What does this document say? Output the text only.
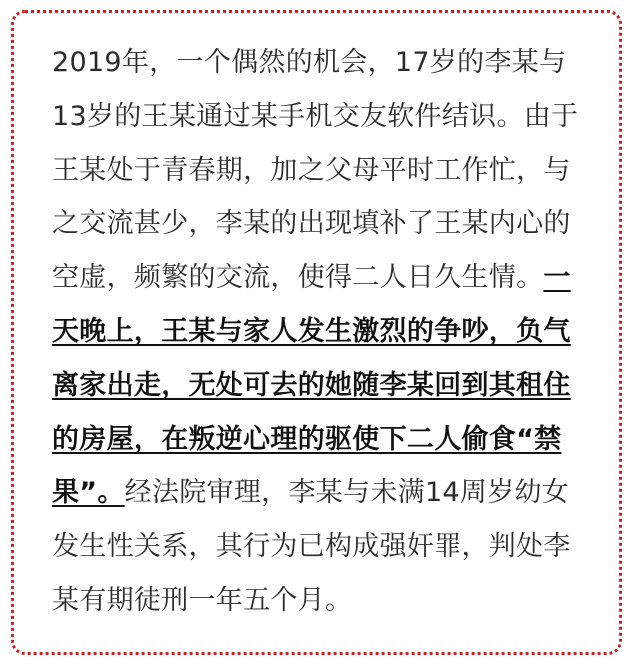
2019年，一个偶然的机会，17岁的李某与
13岁的王某通过某手机交友软件结识。由于
王某处于青春期，加之父母平时工作忙，与
之交流甚少，李某的出现填补了王某内心的
空虚，频繁的交流，使得二人日久生情。一
天晚上，王某与家人发生激烈的争吵，负气
离家出走，无处可去的她随李某回到其租住
的房屋，在叛逆心理的驱使下二人偷食“禁
果”。经法院审理，李某与未满14周岁幼女
发生性关系，其行为已构成强奸罪，判处李
某有期徒刑一年五个月。
